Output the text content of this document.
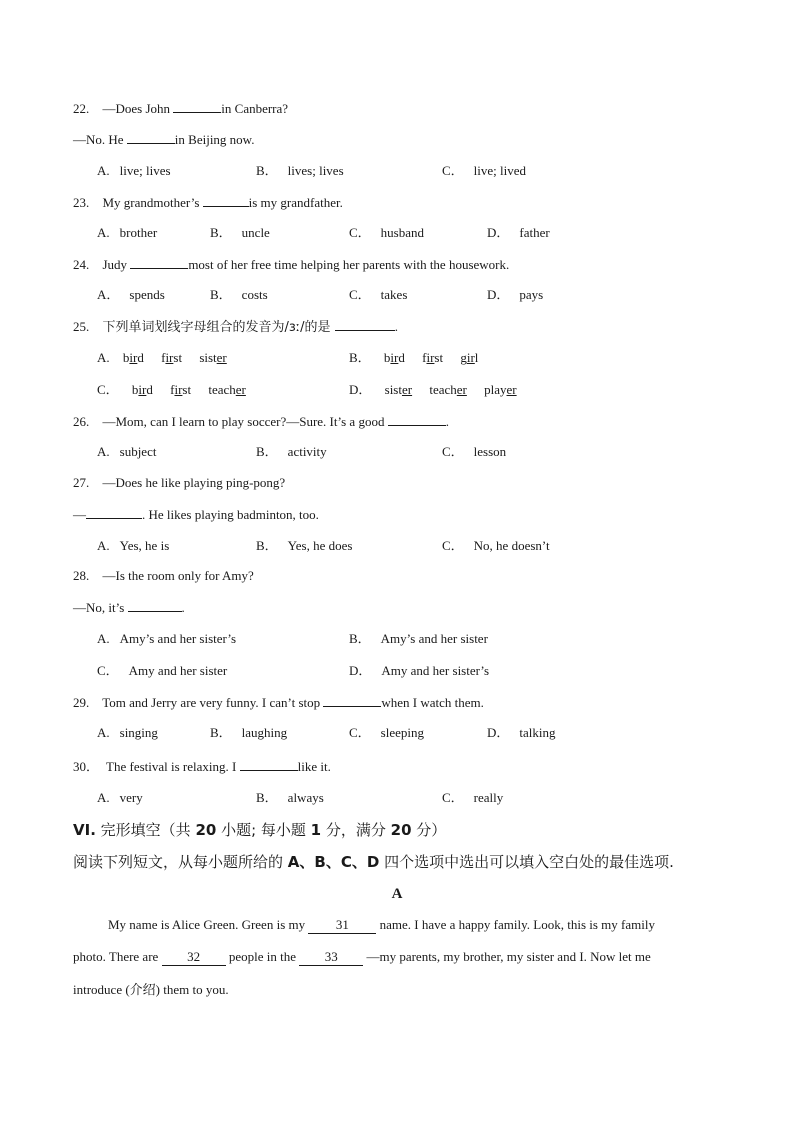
22. —Does John	in Canberra?
—No. He	in Beijing now.
A. live; lives	B． lives; lives	C． live; lived
23. My grandmother’s	is my grandfather.
A. brother	B． uncle	C． husband	D． father
24. Judy	most of her free time helping her parents with the housework.
A． spends	B． costs	C． takes	D． pays
25. 下列单词划线字母组合的发音为/ɜː/的是	.
A. bird first sister	B． bird first girl
C． bird first teacher	D． sister teacher player
26. —Mom, can I learn to play soccer?—Sure. It’s a good	.
A. subject	B． activity	C． lesson
27. —Does he like playing ping-pong?
—	. He likes playing badminton, too.
A. Yes, he is	B． Yes, he does	C． No, he doesn’t
28. —Is the room only for Amy?
—No, it’s	.
A. Amy’s and her sister’s	B． Amy’s and her sister
C． Amy and her sister	D． Amy and her sister’s
29. Tom and Jerry are very funny. I can’t stop	when I watch them.
A. singing	B． laughing	C． sleeping	D． talking
30． The festival is relaxing. I	like it.
A. very	B． always	C． really
VI. 完形填空（共 20 小题; 每小题 1 分，满分 20 分）
阅读下列短文，从每小题所给的 A、B、C、D 四个选项中选出可以填入空白处的最佳选项.
A
My name is Alice Green. Green is my 31 name. I have a happy family. Look, this is my family
photo. There are 32 people in the 33 —my parents, my brother, my sister and I. Now let me
introduce (介绍) them to you.
